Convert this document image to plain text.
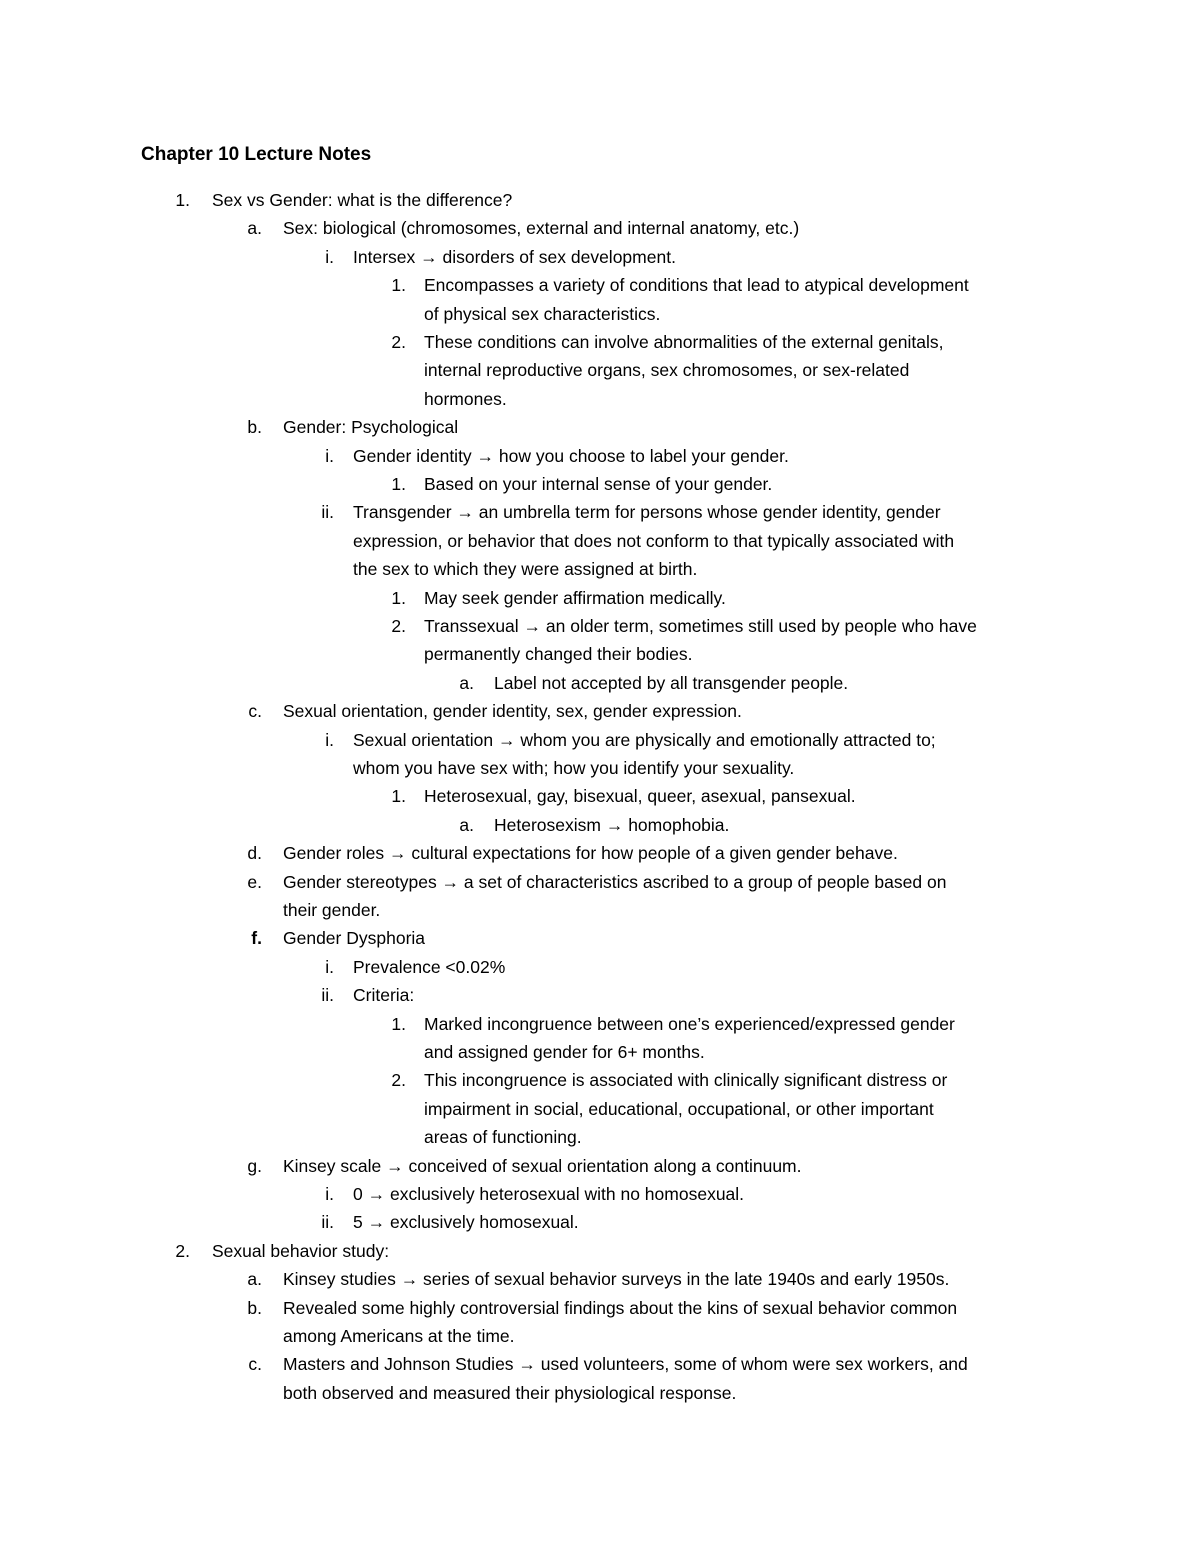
Chapter 10 Lecture Notes
1. Sex vs Gender: what is the difference?
a. Sex: biological (chromosomes, external and internal anatomy, etc.)
i. Intersex → disorders of sex development.
1. Encompasses a variety of conditions that lead to atypical development
of physical sex characteristics.
2. These conditions can involve abnormalities of the external genitals,
internal reproductive organs, sex chromosomes, or sex-related
hormones.
b. Gender: Psychological
i. Gender identity → how you choose to label your gender.
1. Based on your internal sense of your gender.
ii. Transgender → an umbrella term for persons whose gender identity, gender
expression, or behavior that does not conform to that typically associated with
the sex to which they were assigned at birth.
1. May seek gender affirmation medically.
2. Transsexual → an older term, sometimes still used by people who have
permanently changed their bodies.
a. Label not accepted by all transgender people.
c. Sexual orientation, gender identity, sex, gender expression.
i. Sexual orientation → whom you are physically and emotionally attracted to;
whom you have sex with; how you identify your sexuality.
1. Heterosexual, gay, bisexual, queer, asexual, pansexual.
a. Heterosexism → homophobia.
d. Gender roles → cultural expectations for how people of a given gender behave.
e. Gender stereotypes → a set of characteristics ascribed to a group of people based on
their gender.
f. Gender Dysphoria
i. Prevalence <0.02%
ii. Criteria:
1. Marked incongruence between one’s experienced/expressed gender
and assigned gender for 6+ months.
2. This incongruence is associated with clinically significant distress or
impairment in social, educational, occupational, or other important
areas of functioning.
g. Kinsey scale → conceived of sexual orientation along a continuum.
i. 0 → exclusively heterosexual with no homosexual.
ii. 5 → exclusively homosexual.
2. Sexual behavior study:
a. Kinsey studies → series of sexual behavior surveys in the late 1940s and early 1950s.
b. Revealed some highly controversial findings about the kins of sexual behavior common
among Americans at the time.
c. Masters and Johnson Studies → used volunteers, some of whom were sex workers, and
both observed and measured their physiological response.
